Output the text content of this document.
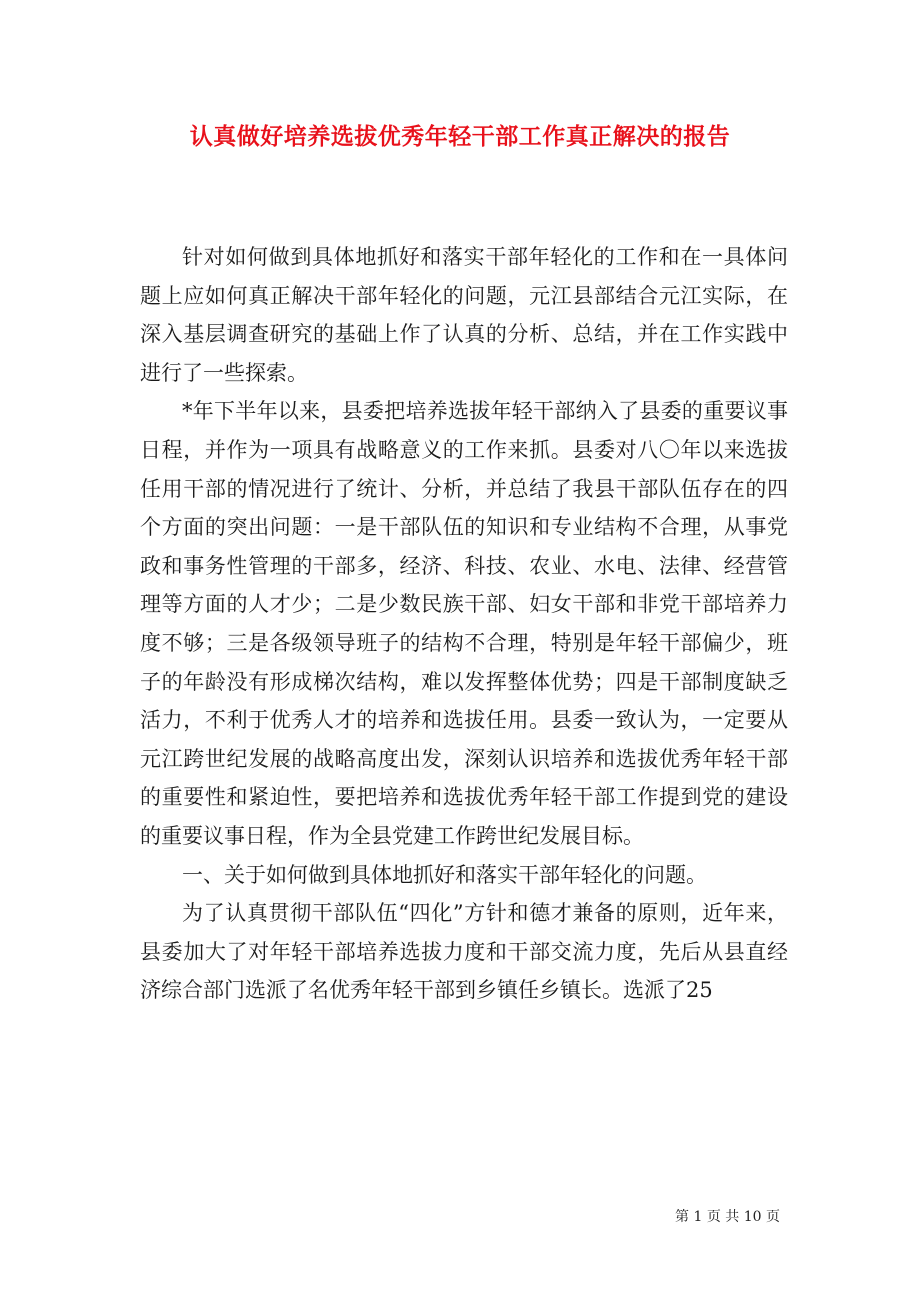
认真做好培养选拔优秀年轻干部工作真正解决的报告

针对如何做到具体地抓好和落实干部年轻化的工作和在一具体问题上应如何真正解决干部年轻化的问题，元江县部结合元江实际，在深入基层调查研究的基础上作了认真的分析、总结，并在工作实践中进行了一些探索。

*年下半年以来，县委把培养选拔年轻干部纳入了县委的重要议事日程，并作为一项具有战略意义的工作来抓。县委对八〇年以来选拔任用干部的情况进行了统计、分析，并总结了我县干部队伍存在的四个方面的突出问题：一是干部队伍的知识和专业结构不合理，从事党政和事务性管理的干部多，经济、科技、农业、水电、法律、经营管理等方面的人才少；二是少数民族干部、妇女干部和非党干部培养力度不够；三是各级领导班子的结构不合理，特别是年轻干部偏少，班子的年龄没有形成梯次结构，难以发挥整体优势；四是干部制度缺乏活力，不利于优秀人才的培养和选拔任用。县委一致认为，一定要从元江跨世纪发展的战略高度出发，深刻认识培养和选拔优秀年轻干部的重要性和紧迫性，要把培养和选拔优秀年轻干部工作提到党的建设的重要议事日程，作为全县党建工作跨世纪发展目标。

一、关于如何做到具体地抓好和落实干部年轻化的问题。

为了认真贯彻干部队伍“四化”方针和德才兼备的原则，近年来，县委加大了对年轻干部培养选拔力度和干部交流力度，先后从县直经济综合部门选派了名优秀年轻干部到乡镇任乡镇长。选派了25

第 1 页 共 10 页
